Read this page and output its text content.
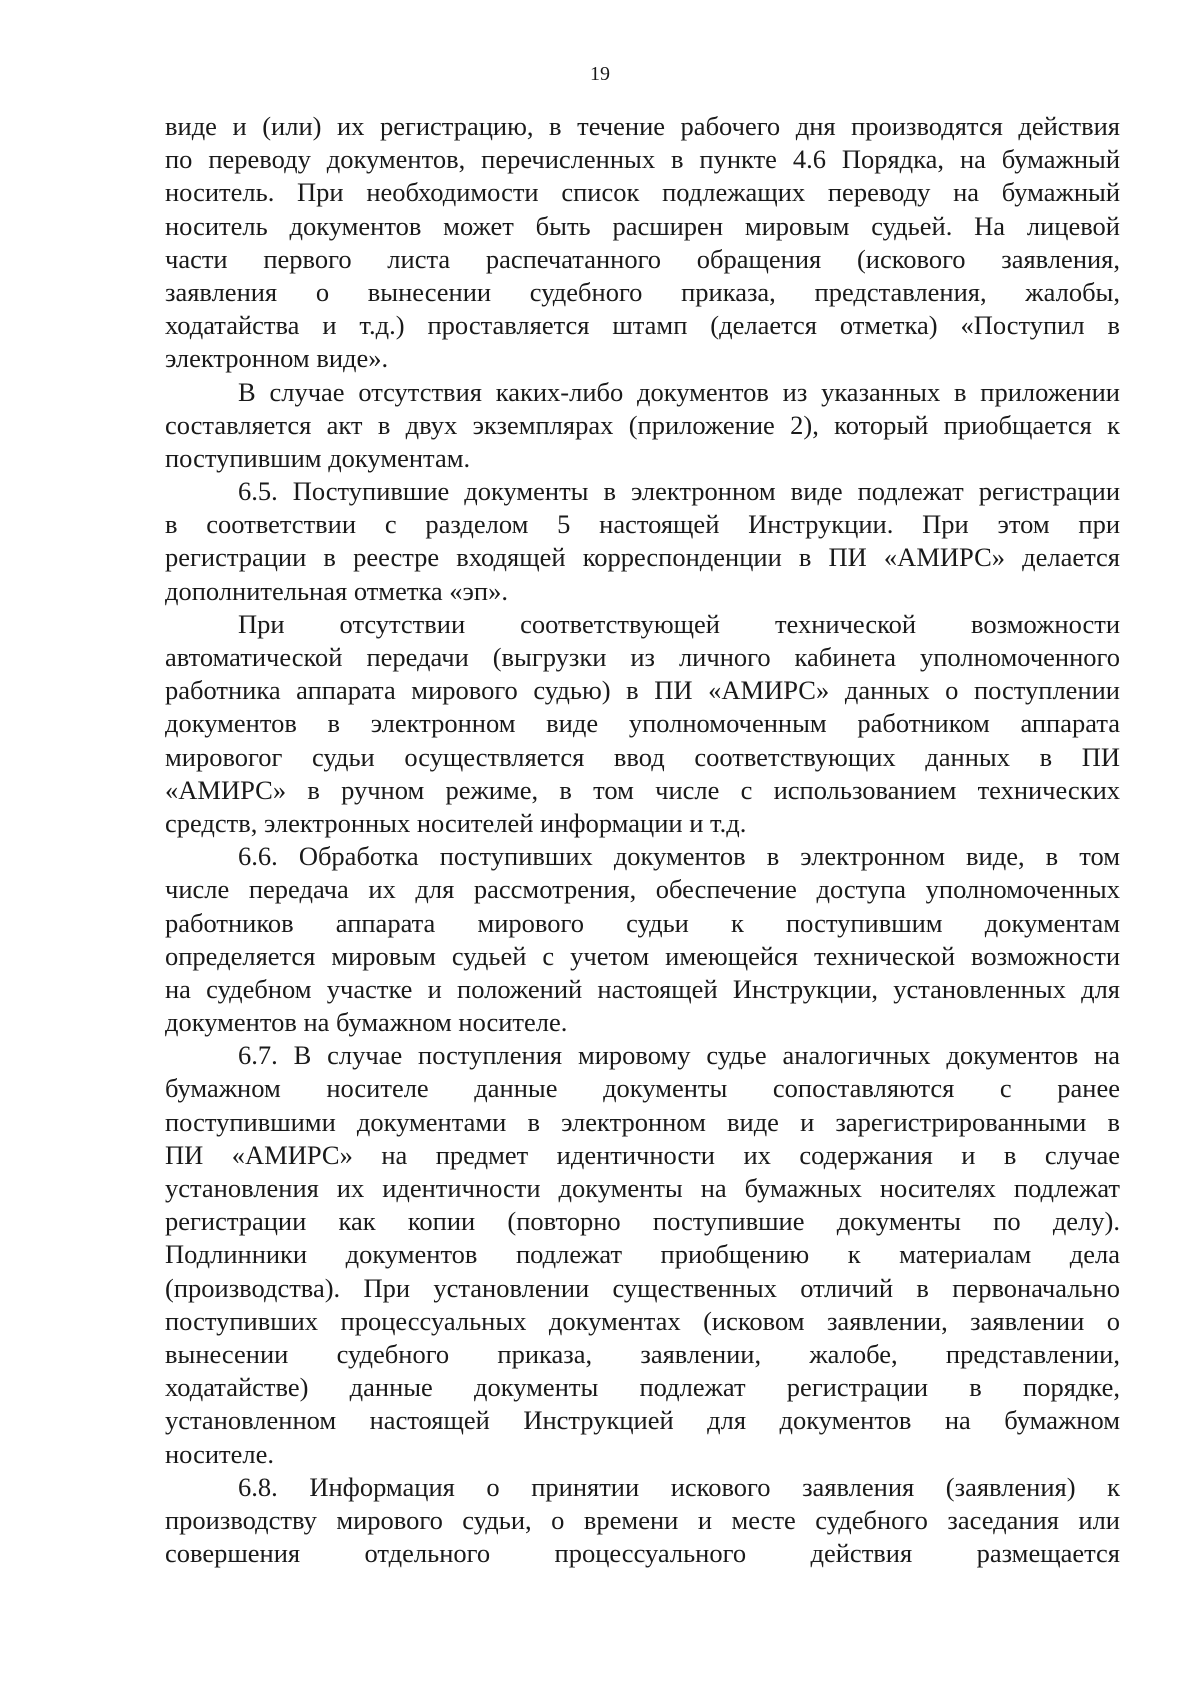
19
виде и (или) их регистрацию, в течение рабочего дня производятся действия
по переводу документов, перечисленных в пункте 4.6 Порядка, на бумажный
носитель. При необходимости список подлежащих переводу на бумажный
носитель документов может быть расширен мировым судьей. На лицевой
части первого листа распечатанного обращения (искового заявления,
заявления о вынесении судебного приказа, представления, жалобы,
ходатайства и т.д.) проставляется штамп (делается отметка) «Поступил в
электронном виде».
В случае отсутствия каких-либо документов из указанных в приложении
составляется акт в двух экземплярах (приложение 2), который приобщается к
поступившим документам.
6.5. Поступившие документы в электронном виде подлежат регистрации
в соответствии с разделом 5 настоящей Инструкции. При этом при
регистрации в реестре входящей корреспонденции в ПИ «АМИРС» делается
дополнительная отметка «эп».
При отсутствии соответствующей технической возможности
автоматической передачи (выгрузки из личного кабинета уполномоченного
работника аппарата мирового судью) в ПИ «АМИРС» данных о поступлении
документов в электронном виде уполномоченным работником аппарата
мировогог судьи осуществляется ввод соответствующих данных в ПИ
«АМИРС» в ручном режиме, в том числе с использованием технических
средств, электронных носителей информации и т.д.
6.6. Обработка поступивших документов в электронном виде, в том
числе передача их для рассмотрения, обеспечение доступа уполномоченных
работников аппарата мирового судьи к поступившим документам
определяется мировым судьей с учетом имеющейся технической возможности
на судебном участке и положений настоящей Инструкции, установленных для
документов на бумажном носителе.
6.7. В случае поступления мировому судье аналогичных документов на
бумажном носителе данные документы сопоставляются с ранее
поступившими документами в электронном виде и зарегистрированными в
ПИ «АМИРС» на предмет идентичности их содержания и в случае
установления их идентичности документы на бумажных носителях подлежат
регистрации как копии (повторно поступившие документы по делу).
Подлинники документов подлежат приобщению к материалам дела
(производства). При установлении существенных отличий в первоначально
поступивших процессуальных документах (исковом заявлении, заявлении о
вынесении судебного приказа, заявлении, жалобе, представлении,
ходатайстве) данные документы подлежат регистрации в порядке,
установленном настоящей Инструкцией для документов на бумажном
носителе.
6.8. Информация о принятии искового заявления (заявления) к
производству мирового судьи, о времени и месте судебного заседания или
совершения отдельного процессуального действия размещается
